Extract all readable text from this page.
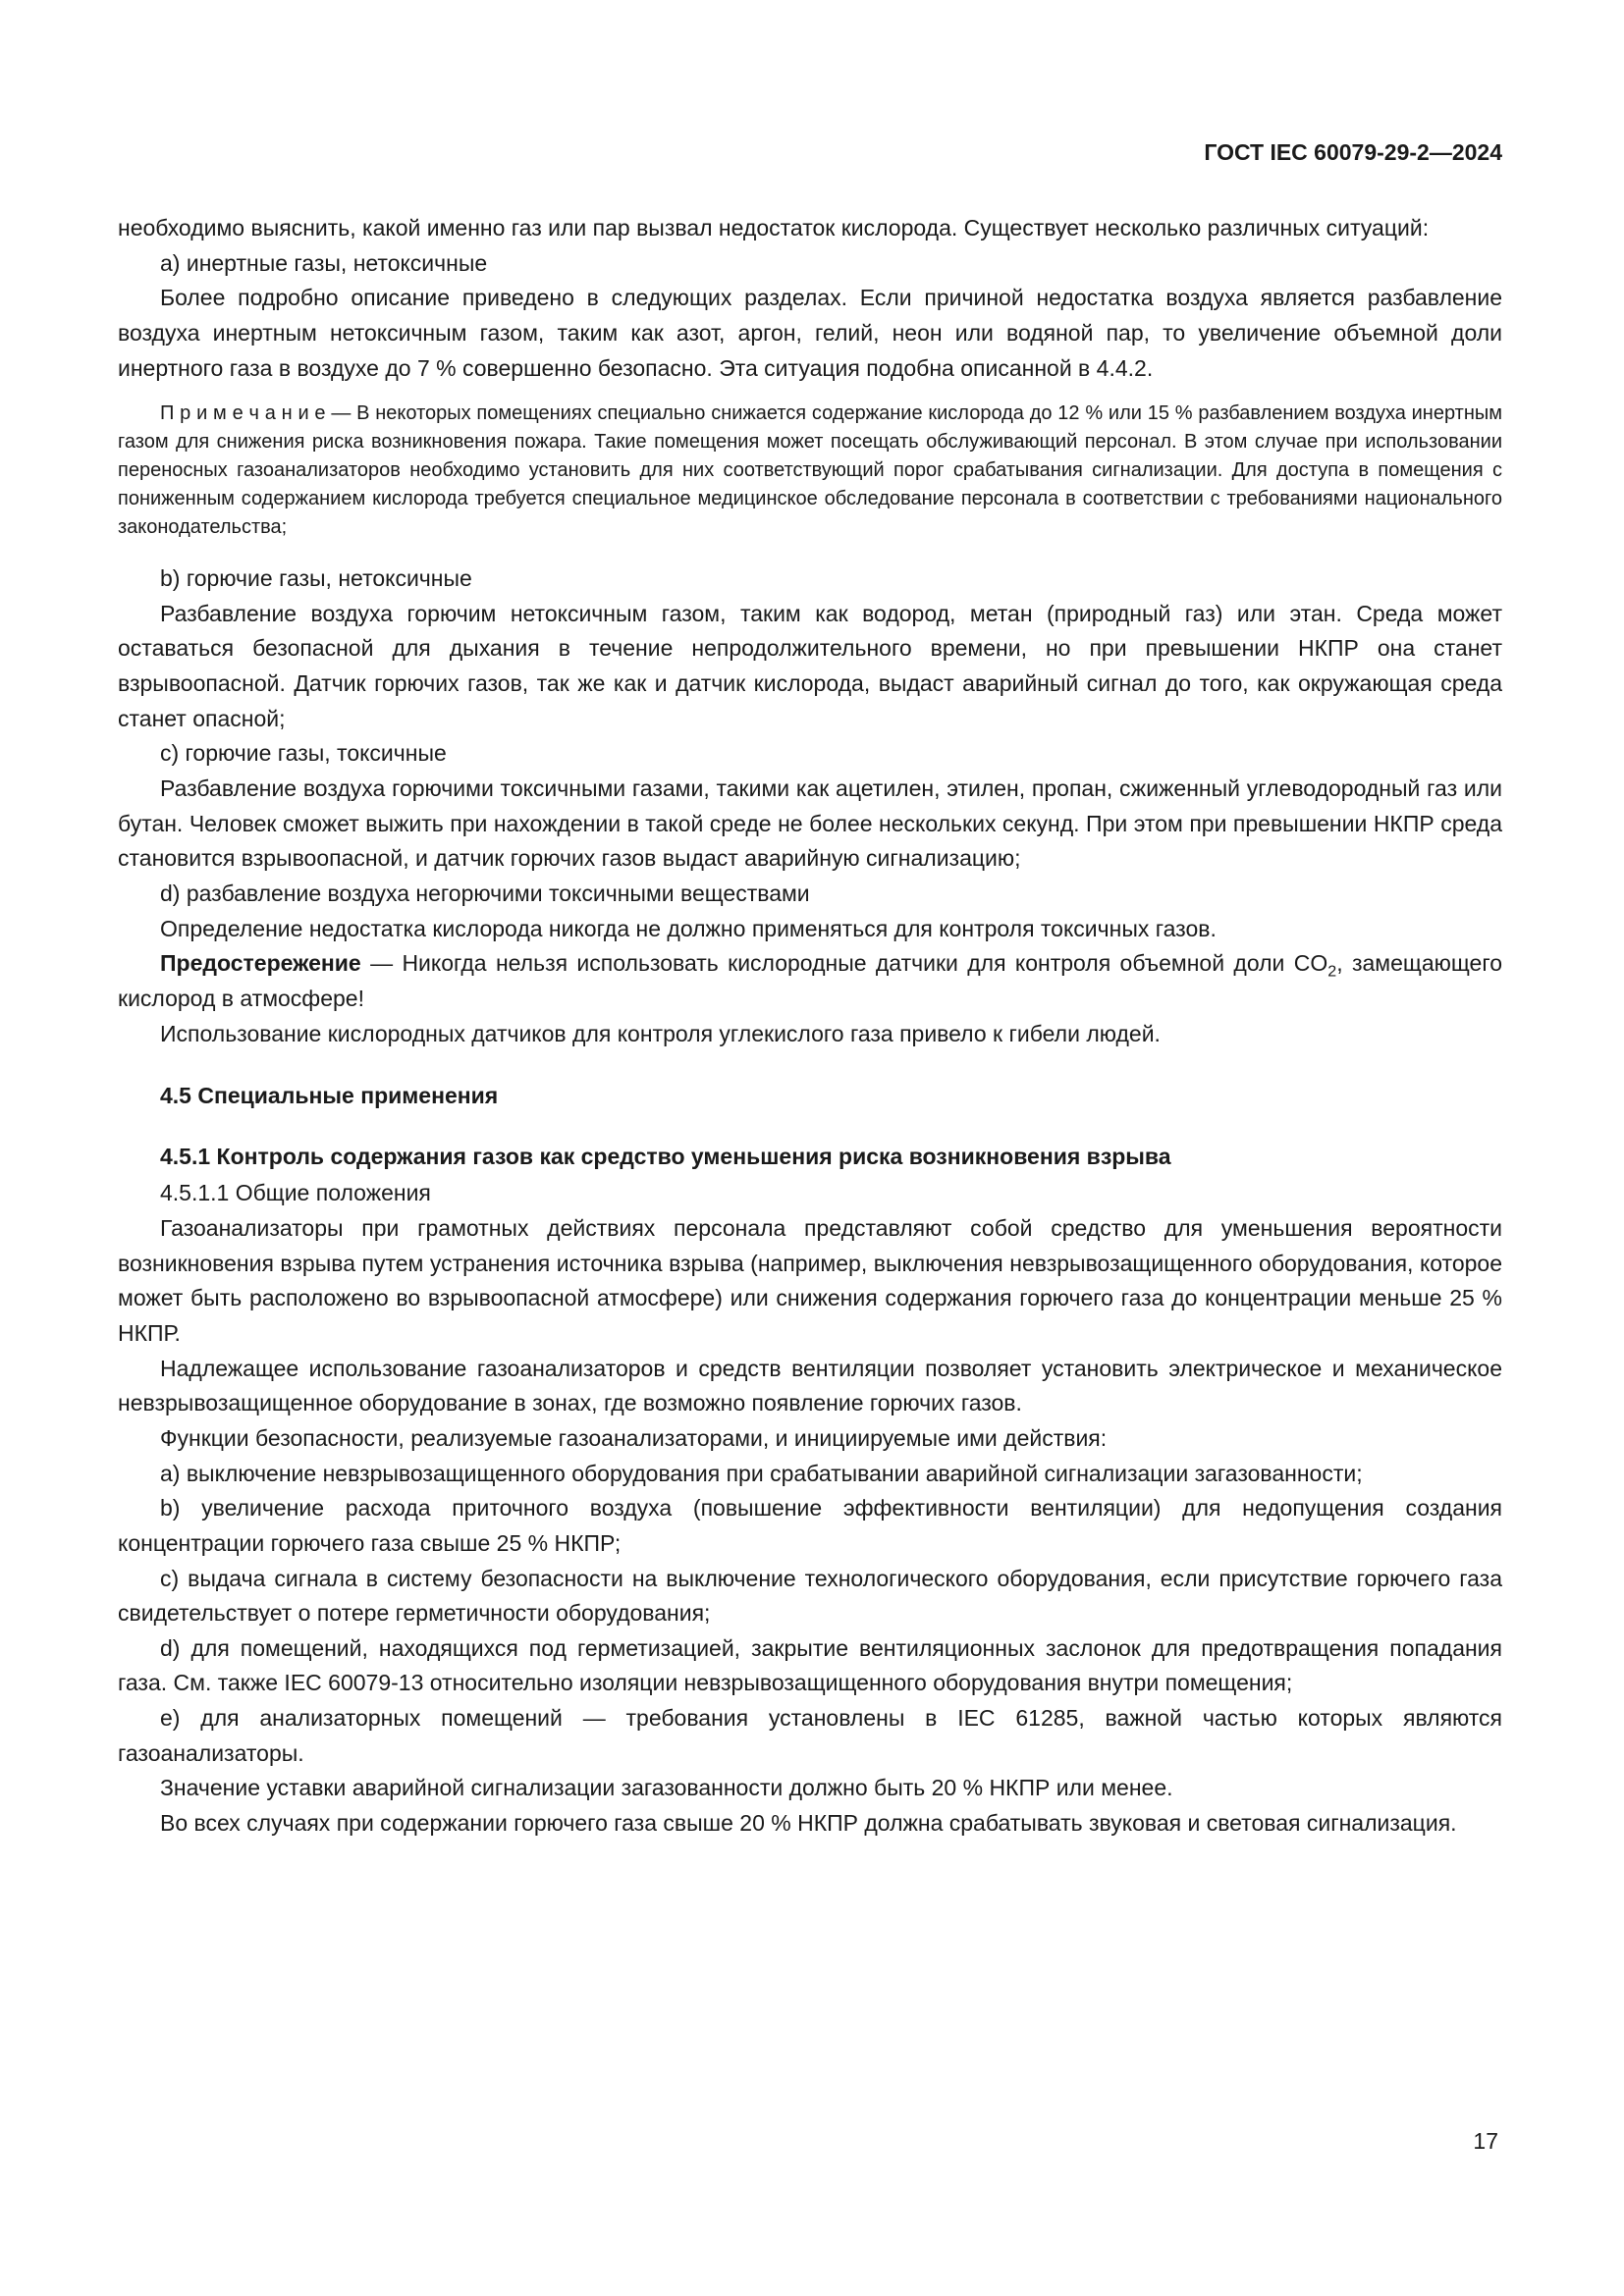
ГОСТ IEC 60079-29-2—2024

необходимо выяснить, какой именно газ или пар вызвал недостаток кислорода. Существует несколько различных ситуаций:

а) инертные газы, нетоксичные

Более подробно описание приведено в следующих разделах. Если причиной недостатка воздуха является разбавление воздуха инертным нетоксичным газом, таким как азот, аргон, гелий, неон или водяной пар, то увеличение объемной доли инертного газа в воздухе до 7 % совершенно безопасно. Эта ситуация подобна описанной в 4.4.2.

П р и м е ч а н и е — В некоторых помещениях специально снижается содержание кислорода до 12 % или 15 % разбавлением воздуха инертным газом для снижения риска возникновения пожара. Такие помещения может посещать обслуживающий персонал. В этом случае при использовании переносных газоанализаторов необходимо установить для них соответствующий порог срабатывания сигнализации. Для доступа в помещения с пониженным содержанием кислорода требуется специальное медицинское обследование персонала в соответствии с требованиями национального законодательства;

b) горючие газы, нетоксичные

Разбавление воздуха горючим нетоксичным газом, таким как водород, метан (природный газ) или этан. Среда может оставаться безопасной для дыхания в течение непродолжительного времени, но при превышении НКПР она станет взрывоопасной. Датчик горючих газов, так же как и датчик кислорода, выдаст аварийный сигнал до того, как окружающая среда станет опасной;

с) горючие газы, токсичные

Разбавление воздуха горючими токсичными газами, такими как ацетилен, этилен, пропан, сжиженный углеводородный газ или бутан. Человек сможет выжить при нахождении в такой среде не более нескольких секунд. При этом при превышении НКПР среда становится взрывоопасной, и датчик горючих газов выдаст аварийную сигнализацию;

d) разбавление воздуха негорючими токсичными веществами

Определение недостатка кислорода никогда не должно применяться для контроля токсичных газов.

Предостережение — Никогда нельзя использовать кислородные датчики для контроля объемной доли $CO_2$, замещающего кислород в атмосфере!

Использование кислородных датчиков для контроля углекислого газа привело к гибели людей.

4.5 Специальные применения

4.5.1 Контроль содержания газов как средство уменьшения риска возникновения взрыва

4.5.1.1 Общие положения

Газоанализаторы при грамотных действиях персонала представляют собой средство для уменьшения вероятности возникновения взрыва путем устранения источника взрыва (например, выключения невзрывозащищенного оборудования, которое может быть расположено во взрывоопасной атмосфере) или снижения содержания горючего газа до концентрации меньше 25 % НКПР.

Надлежащее использование газоанализаторов и средств вентиляции позволяет установить электрическое и механическое невзрывозащищенное оборудование в зонах, где возможно появление горючих газов.

Функции безопасности, реализуемые газоанализаторами, и инициируемые ими действия:

а) выключение невзрывозащищенного оборудования при срабатывании аварийной сигнализации загазованности;

b) увеличение расхода приточного воздуха (повышение эффективности вентиляции) для недопущения создания концентрации горючего газа свыше 25 % НКПР;

с) выдача сигнала в систему безопасности на выключение технологического оборудования, если присутствие горючего газа свидетельствует о потере герметичности оборудования;

d) для помещений, находящихся под герметизацией, закрытие вентиляционных заслонок для предотвращения попадания газа. См. также IEC 60079-13 относительно изоляции невзрывозащищенного оборудования внутри помещения;

е) для анализаторных помещений — требования установлены в IEC 61285, важной частью которых являются газоанализаторы.

Значение уставки аварийной сигнализации загазованности должно быть 20 % НКПР или менее.

Во всех случаях при содержании горючего газа свыше 20 % НКПР должна срабатывать звуковая и световая сигнализация.

17
